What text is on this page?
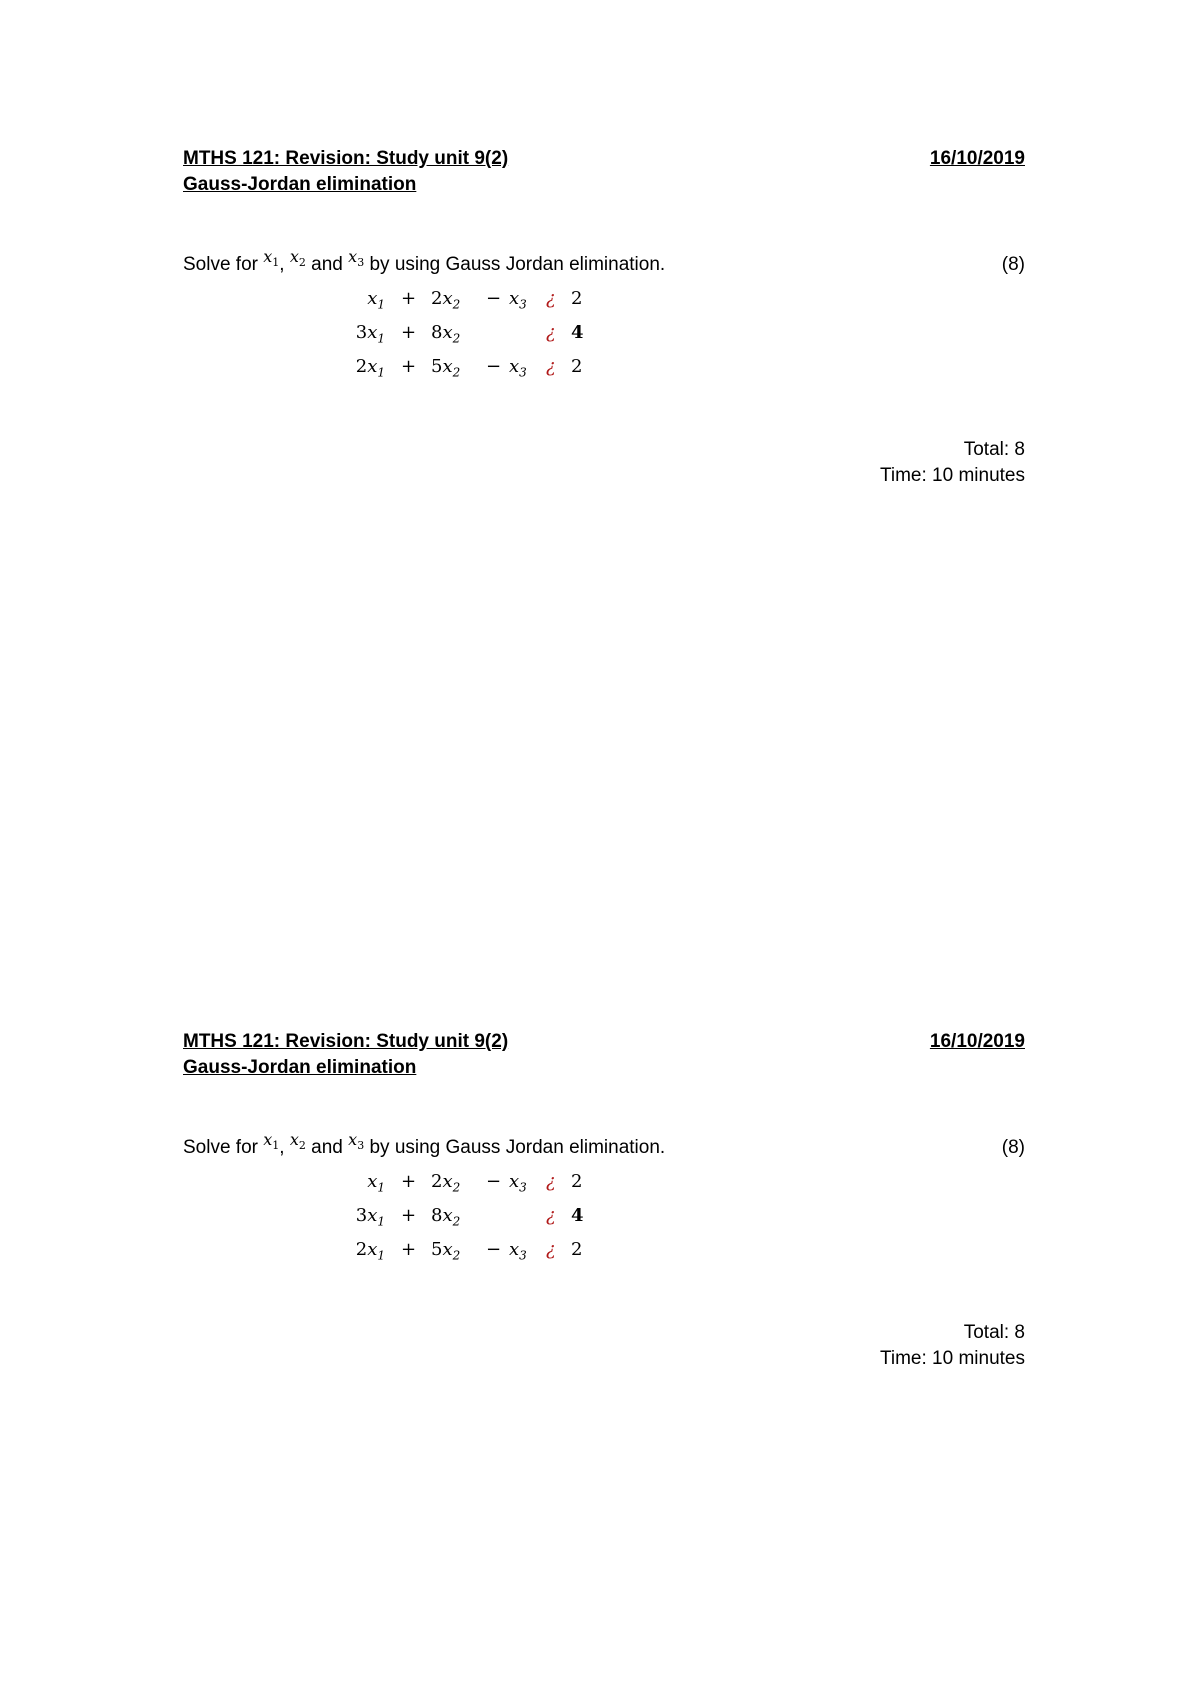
MTHS 121: Revision: Study unit 9(2)	16/10/2019
Gauss-Jordan elimination
Solve for $^{x_1}$, $^{x_2}$ and $^{x_3}$ by using Gauss Jordan elimination.	(8)
$x_1 + 2x_2 - x_3$ ¿ 2
$3x_1 + 8x_2$	¿ 4
$2x_1 + 5x_2 - x_3$ ¿ 2
Total: 8
Time: 10 minutes
MTHS 121: Revision: Study unit 9(2)	16/10/2019
Gauss-Jordan elimination
Solve for $^{x_1}$, $^{x_2}$ and $^{x_3}$ by using Gauss Jordan elimination.	(8)
$x_1 + 2x_2 - x_3$ ¿ 2
$3x_1 + 8x_2$	¿ 4
$2x_1 + 5x_2 - x_3$ ¿ 2
Total: 8
Time: 10 minutes
